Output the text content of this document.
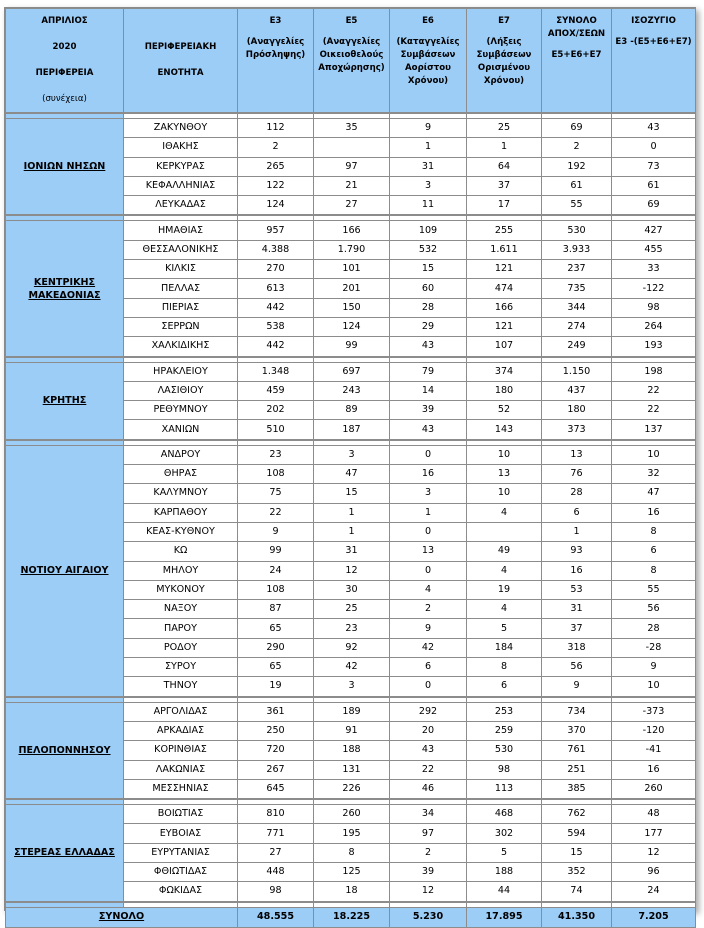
ΑΠΡΙΛΙΟΣ
2020
ΠΕΡΙΦΕΡΕΙΑ
(συνέχεια)	ΠΕΡΙΦΕΡΕΙΑΚΗ
ΕΝΟΤΗΤΑ	Ε3
(Αναγγελίες
Πρόσληψης)	Ε5
(Αναγγελίες
Οικειοθελούς
Αποχώρησης)	Ε6
(Καταγγελίες
Συμβάσεων
Αορίστου
Χρόνου)	Ε7
(Λήξεις
Συμβάσεων
Ορισμένου
Χρόνου)	ΣΥΝΟΛΟ
ΑΠΟΧ/ΣΕΩΝ
Ε5+Ε6+Ε7	ΙΣΟΖΥΓΙΟ
Ε3 -(Ε5+Ε6+Ε7)

ΙΟΝΙΩΝ ΝΗΣΩΝ	ΖΑΚΥΝΘΟΥ	112	35	9	25	69	43
	ΙΘΑΚΗΣ	2		1	1	2	0
	ΚΕΡΚΥΡΑΣ	265	97	31	64	192	73
	ΚΕΦΑΛΛΗΝΙΑΣ	122	21	3	37	61	61
	ΛΕΥΚΑΔΑΣ	124	27	11	17	55	69

ΚΕΝΤΡΙΚΗΣ ΜΑΚΕΔΟΝΙΑΣ	ΗΜΑΘΙΑΣ	957	166	109	255	530	427
	ΘΕΣΣΑΛΟΝΙΚΗΣ	4.388	1.790	532	1.611	3.933	455
	ΚΙΛΚΙΣ	270	101	15	121	237	33
	ΠΕΛΛΑΣ	613	201	60	474	735	-122
	ΠΙΕΡΙΑΣ	442	150	28	166	344	98
	ΣΕΡΡΩΝ	538	124	29	121	274	264
	ΧΑΛΚΙΔΙΚΗΣ	442	99	43	107	249	193

ΚΡΗΤΗΣ	ΗΡΑΚΛΕΙΟΥ	1.348	697	79	374	1.150	198
	ΛΑΣΙΘΙΟΥ	459	243	14	180	437	22
	ΡΕΘΥΜΝΟΥ	202	89	39	52	180	22
	ΧΑΝΙΩΝ	510	187	43	143	373	137

ΝΟΤΙΟΥ ΑΙΓΑΙΟΥ	ΑΝΔΡΟΥ	23	3	0	10	13	10
	ΘΗΡΑΣ	108	47	16	13	76	32
	ΚΑΛΥΜΝΟΥ	75	15	3	10	28	47
	ΚΑΡΠΑΘΟΥ	22	1	1	4	6	16
	ΚΕΑΣ-ΚΥΘΝΟΥ	9	1	0		1	8
	ΚΩ	99	31	13	49	93	6
	ΜΗΛΟΥ	24	12	0	4	16	8
	ΜΥΚΟΝΟΥ	108	30	4	19	53	55
	ΝΑΞΟΥ	87	25	2	4	31	56
	ΠΑΡΟΥ	65	23	9	5	37	28
	ΡΟΔΟΥ	290	92	42	184	318	-28
	ΣΥΡΟΥ	65	42	6	8	56	9
	ΤΗΝΟΥ	19	3	0	6	9	10

ΠΕΛΟΠΟΝΝΗΣΟΥ	ΑΡΓΟΛΙΔΑΣ	361	189	292	253	734	-373
	ΑΡΚΑΔΙΑΣ	250	91	20	259	370	-120
	ΚΟΡΙΝΘΙΑΣ	720	188	43	530	761	-41
	ΛΑΚΩΝΙΑΣ	267	131	22	98	251	16
	ΜΕΣΣΗΝΙΑΣ	645	226	46	113	385	260

ΣΤΕΡΕΑΣ ΕΛΛΑΔΑΣ	ΒΟΙΩΤΙΑΣ	810	260	34	468	762	48
	ΕΥΒΟΙΑΣ	771	195	97	302	594	177
	ΕΥΡΥΤΑΝΙΑΣ	27	8	2	5	15	12
	ΦΘΙΩΤΙΔΑΣ	448	125	39	188	352	96
	ΦΩΚΙΔΑΣ	98	18	12	44	74	24

ΣΥΝΟΛΟ		48.555	18.225	5.230	17.895	41.350	7.205
